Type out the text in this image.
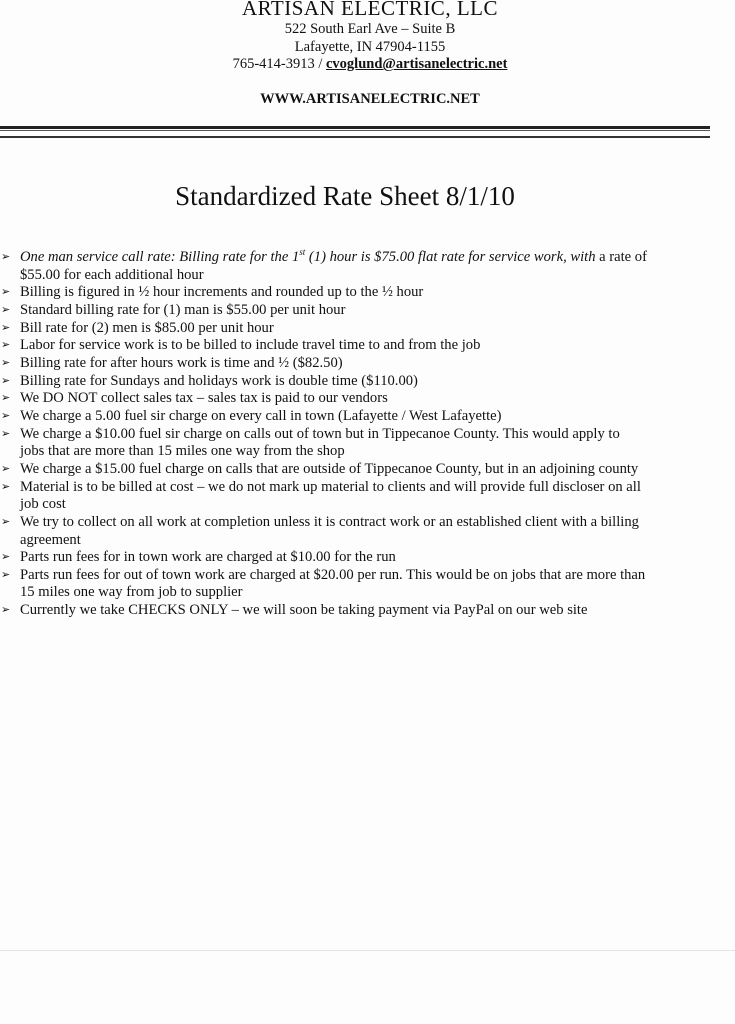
ARTISAN ELECTRIC, LLC
522 South Earl Ave – Suite B
Lafayette, IN 47904-1155
765-414-3913 / cvoglund@artisanelectric.net
WWW.ARTISANELECTRIC.NET
Standardized Rate Sheet 8/1/10
➢ One man service call rate: Billing rate for the 1st (1) hour is $75.00 flat rate for service work, with a rate of
$55.00 for each additional hour
➢ Billing is figured in ½ hour increments and rounded up to the ½ hour
➢ Standard billing rate for (1) man is $55.00 per unit hour
➢ Bill rate for (2) men is $85.00 per unit hour
➢ Labor for service work is to be billed to include travel time to and from the job
➢ Billing rate for after hours work is time and ½ ($82.50)
➢ Billing rate for Sundays and holidays work is double time ($110.00)
➢ We DO NOT collect sales tax – sales tax is paid to our vendors
➢ We charge a 5.00 fuel sir charge on every call in town (Lafayette / West Lafayette)
➢ We charge a $10.00 fuel sir charge on calls out of town but in Tippecanoe County. This would apply to
jobs that are more than 15 miles one way from the shop
➢ We charge a $15.00 fuel charge on calls that are outside of Tippecanoe County, but in an adjoining county
➢ Material is to be billed at cost – we do not mark up material to clients and will provide full discloser on all
job cost
➢ We try to collect on all work at completion unless it is contract work or an established client with a billing
agreement
➢ Parts run fees for in town work are charged at $10.00 for the run
➢ Parts run fees for out of town work are charged at $20.00 per run. This would be on jobs that are more than
15 miles one way from job to supplier
➢ Currently we take CHECKS ONLY – we will soon be taking payment via PayPal on our web site
